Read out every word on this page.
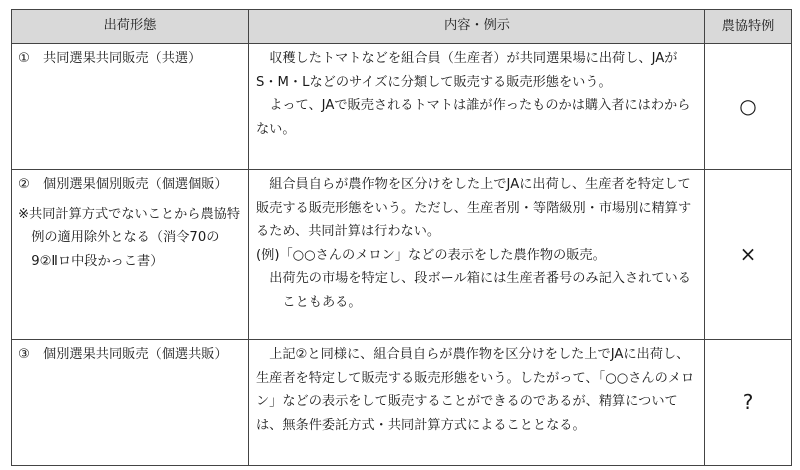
出荷形態	内容・例示	農協特例

①　共同選果共同販売（共選）	収穫したトマトなどを組合員（生産者）が共同選果場に出荷し、JAがS・M・Lなどのサイズに分類して販売する販売形態をいう。
よって、JAで販売されるトマトは誰が作ったものかは購入者にはわからない。	○

②　個別選果個別販売（個選個販）
※共同計算方式でないことから農協特例の適用除外となる（消令70の9②Ⅱロ中段かっこ書）	組合員自らが農作物を区分けをした上でJAに出荷し、生産者を特定して販売する販売形態をいう。ただし、生産者別・等階級別・市場別に精算するため、共同計算は行わない。
(例)「○○さんのメロン」などの表示をした農作物の販売。
出荷先の市場を特定し、段ボール箱には生産者番号のみ記入されていることもある。	×

③　個別選果共同販売（個選共販）	上記②と同様に、組合員自らが農作物を区分けをした上でJAに出荷し、生産者を特定して販売する販売形態をいう。したがって、「○○さんのメロン」などの表示をして販売することができるのであるが、精算については、無条件委託方式・共同計算方式によることとなる。	?
